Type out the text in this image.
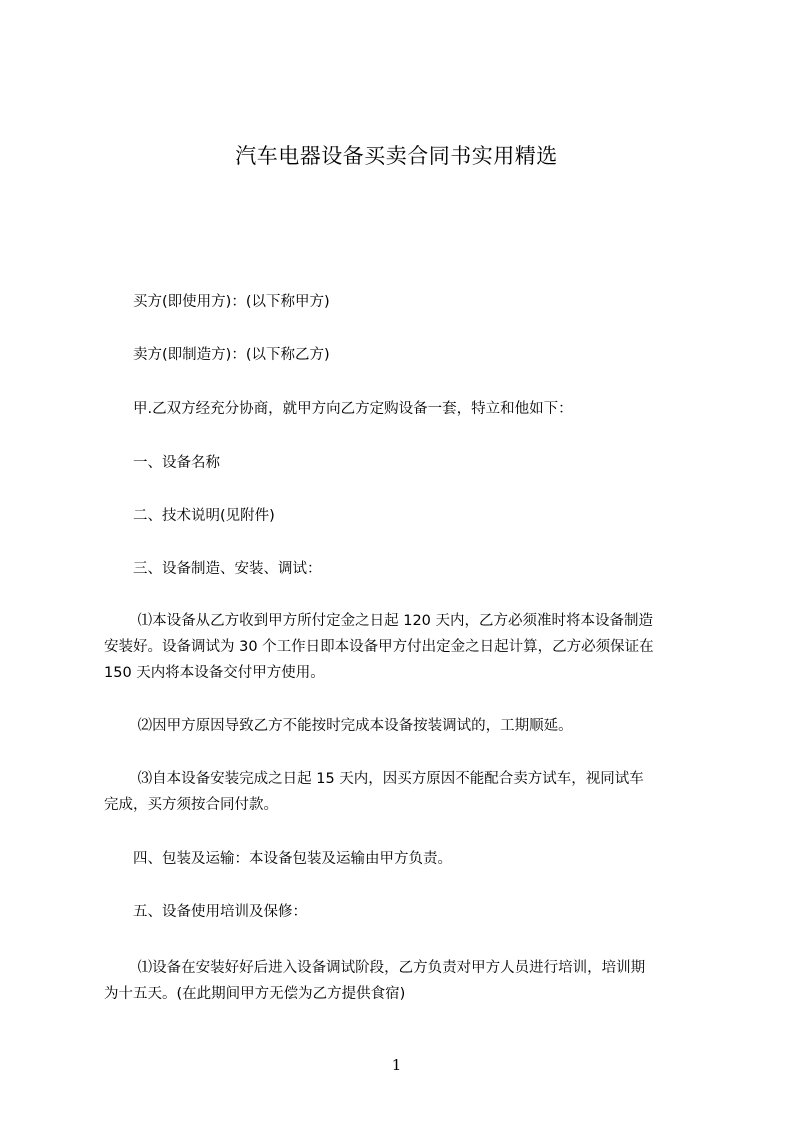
汽车电器设备买卖合同书实用精选
　　买方(即使用方)：(以下称甲方)
　　卖方(即制造方)：(以下称乙方)
　　甲.乙双方经充分协商，就甲方向乙方定购设备一套，特立和他如下：
　　一、设备名称
　　二、技术说明(见附件)
　　三、设备制造、安装、调试：
　　 ⑴本设备从乙方收到甲方所付定金之日起 120 天内，乙方必须准时将本设备制造
安装好。设备调试为 30 个工作日即本设备甲方付出定金之日起计算，乙方必须保证在
150 天内将本设备交付甲方使用。
　　 ⑵因甲方原因导致乙方不能按时完成本设备按装调试的，工期顺延。
　　 ⑶自本设备安装完成之日起 15 天内，因买方原因不能配合卖方试车，视同试车
完成，买方须按合同付款。
　　四、包装及运输：本设备包装及运输由甲方负责。
　　五、设备使用培训及保修：
　　 ⑴设备在安装好好后进入设备调试阶段，乙方负责对甲方人员进行培训，培训期
为十五天。(在此期间甲方无偿为乙方提供食宿)
1
